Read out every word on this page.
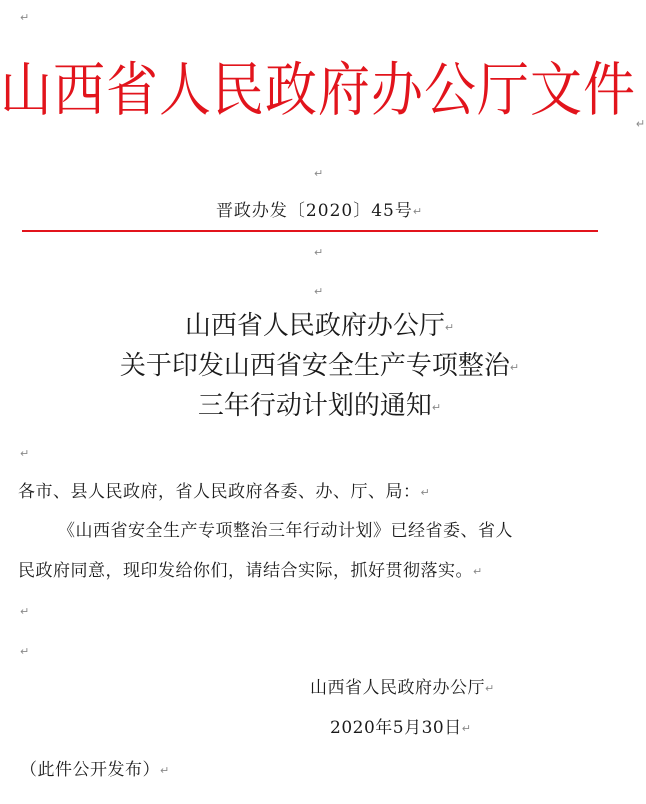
↵
山西省人民政府办公厅文件↵
↵
晋政办发〔2020〕45号↵
↵
↵
山西省人民政府办公厅↵
关于印发山西省安全生产专项整治↵
三年行动计划的通知↵
↵
各市、县人民政府，省人民政府各委、办、厅、局：↵
《山西省安全生产专项整治三年行动计划》已经省委、省人
民政府同意，现印发给你们，请结合实际，抓好贯彻落实。↵
↵
↵
山西省人民政府办公厅↵
2020年5月30日↵
（此件公开发布）↵
